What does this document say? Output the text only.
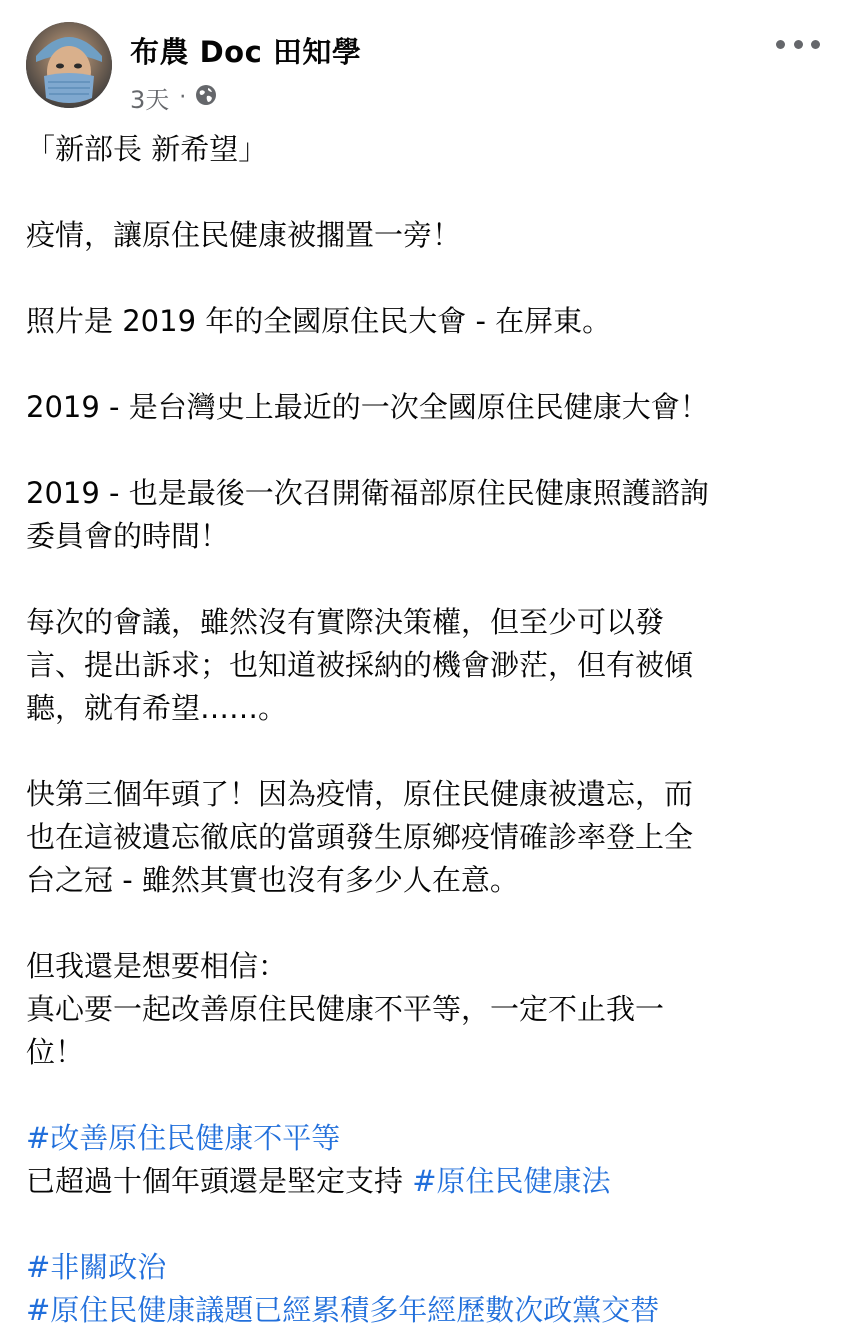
布農 Doc 田知學
3天 ·

「新部長 新希望」

疫情，讓原住民健康被擱置一旁！

照片是 2019 年的全國原住民大會 - 在屏東。

2019 - 是台灣史上最近的一次全國原住民健康大會！

2019 - 也是最後一次召開衛福部原住民健康照護諮詢
委員會的時間！

每次的會議，雖然沒有實際決策權，但至少可以發
言、提出訴求；也知道被採納的機會渺茫，但有被傾
聽，就有希望……。

快第三個年頭了！因為疫情，原住民健康被遺忘，而
也在這被遺忘徹底的當頭發生原鄉疫情確診率登上全
台之冠 - 雖然其實也沒有多少人在意。

但我還是想要相信：
真心要一起改善原住民健康不平等，一定不止我一
位！

#改善原住民健康不平等
已超過十個年頭還是堅定支持 #原住民健康法

#非關政治
#原住民健康議題已經累積多年經歷數次政黨交替
